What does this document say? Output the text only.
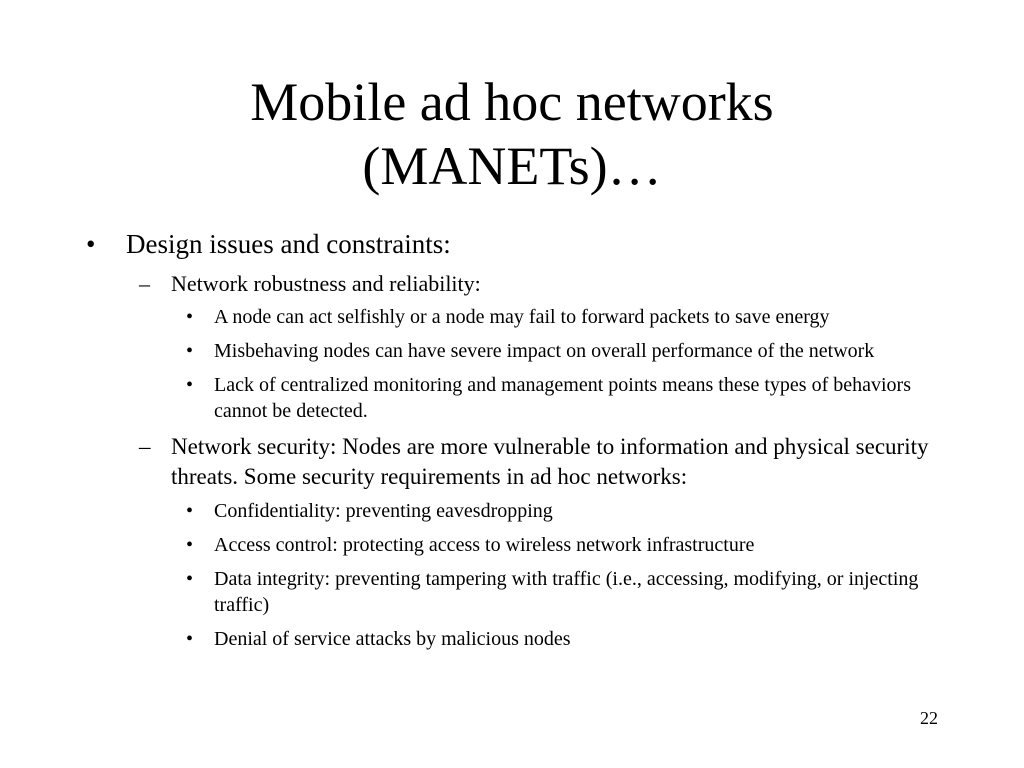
Mobile ad hoc networks
(MANETs)…
• Design issues and constraints:
– Network robustness and reliability:
• A node can act selfishly or a node may fail to forward packets to save energy
• Misbehaving nodes can have severe impact on overall performance of the network
• Lack of centralized monitoring and management points means these types of behaviors cannot be detected.
– Network security: Nodes are more vulnerable to information and physical security threats. Some security requirements in ad hoc networks:
• Confidentiality: preventing eavesdropping
• Access control: protecting access to wireless network infrastructure
• Data integrity: preventing tampering with traffic (i.e., accessing, modifying, or injecting traffic)
• Denial of service attacks by malicious nodes
22
